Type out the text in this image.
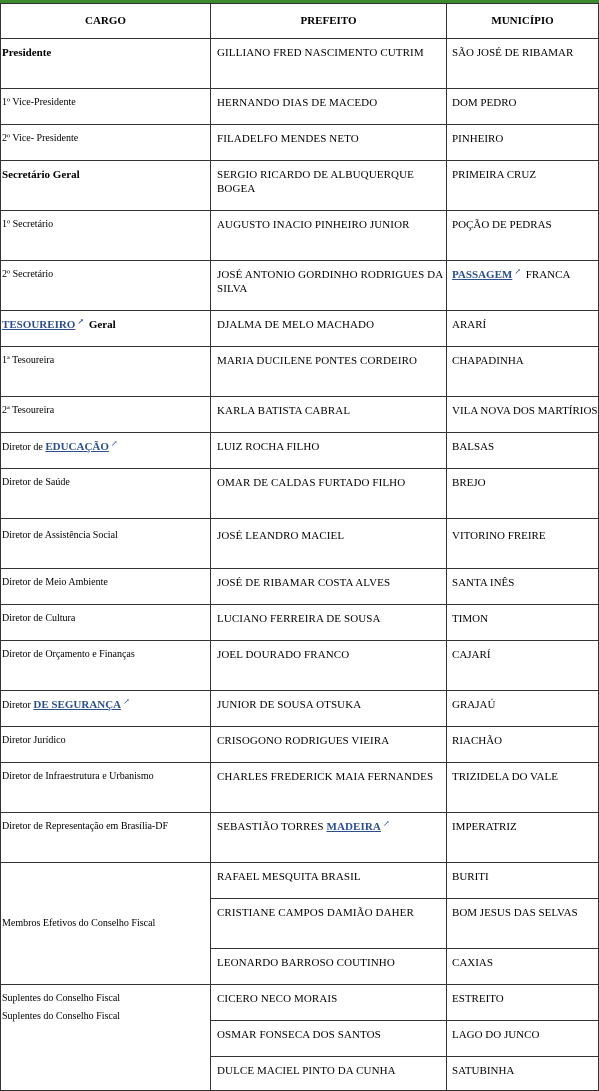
CARGO	PREFEITO	MUNICÍPIO
Presidente	GILLIANO FRED NASCIMENTO CUTRIM	SÃO JOSÉ DE RIBAMAR
1º Vice-Presidente	HERNANDO DIAS DE MACEDO	DOM PEDRO
2º Vice- Presidente	FILADELFO MENDES NETO	PINHEIRO
Secretário Geral	SERGIO RICARDO DE ALBUQUERQUE BOGEA	PRIMEIRA CRUZ
1º Secretário	AUGUSTO INACIO PINHEIRO JUNIOR	POÇÃO DE PEDRAS
2º Secretário	JOSÉ ANTONIO GORDINHO RODRIGUES DA SILVA	PASSAGEM ↗ FRANCA
TESOUREIRO ↗ Geral	DJALMA DE MELO MACHADO	ARARÍ
1ª Tesoureira	MARIA DUCILENE PONTES CORDEIRO	CHAPADINHA
2ª Tesoureira	KARLA BATISTA CABRAL	VILA NOVA DOS MARTÍRIOS
Diretor de EDUCAÇÃO ↗	LUIZ ROCHA FILHO	BALSAS
Diretor de Saúde	OMAR DE CALDAS FURTADO FILHO	BREJO
Diretor de Assistência Social	JOSÉ LEANDRO MACIEL	VITORINO FREIRE
Diretor de Meio Ambiente	JOSÉ DE RIBAMAR COSTA ALVES	SANTA INÊS
Diretor de Cultura	LUCIANO FERREIRA DE SOUSA	TIMON
Diretor de Orçamento e Finanças	JOEL DOURADO FRANCO	CAJARÍ
Diretor DE SEGURANÇA ↗	JUNIOR DE SOUSA OTSUKA	GRAJAÚ
Diretor Jurídico	CRISOGONO RODRIGUES VIEIRA	RIACHÃO
Diretor de Infraestrutura e Urbanismo	CHARLES FREDERICK MAIA FERNANDES	TRIZIDELA DO VALE
Diretor de Representação em Brasília-DF	SEBASTIÃO TORRES MADEIRA ↗	IMPERATRIZ
Membros Efetivos do Conselho Fiscal	RAFAEL MESQUITA BRASIL	BURITI
	CRISTIANE CAMPOS DAMIÃO DAHER	BOM JESUS DAS SELVAS
	LEONARDO BARROSO COUTINHO	CAXIAS
Suplentes do Conselho Fiscal
Suplentes do Conselho Fiscal	CICERO NECO MORAIS	ESTREITO
	OSMAR FONSECA DOS SANTOS	LAGO DO JUNCO
	DULCE MACIEL PINTO DA CUNHA	SATUBINHA
